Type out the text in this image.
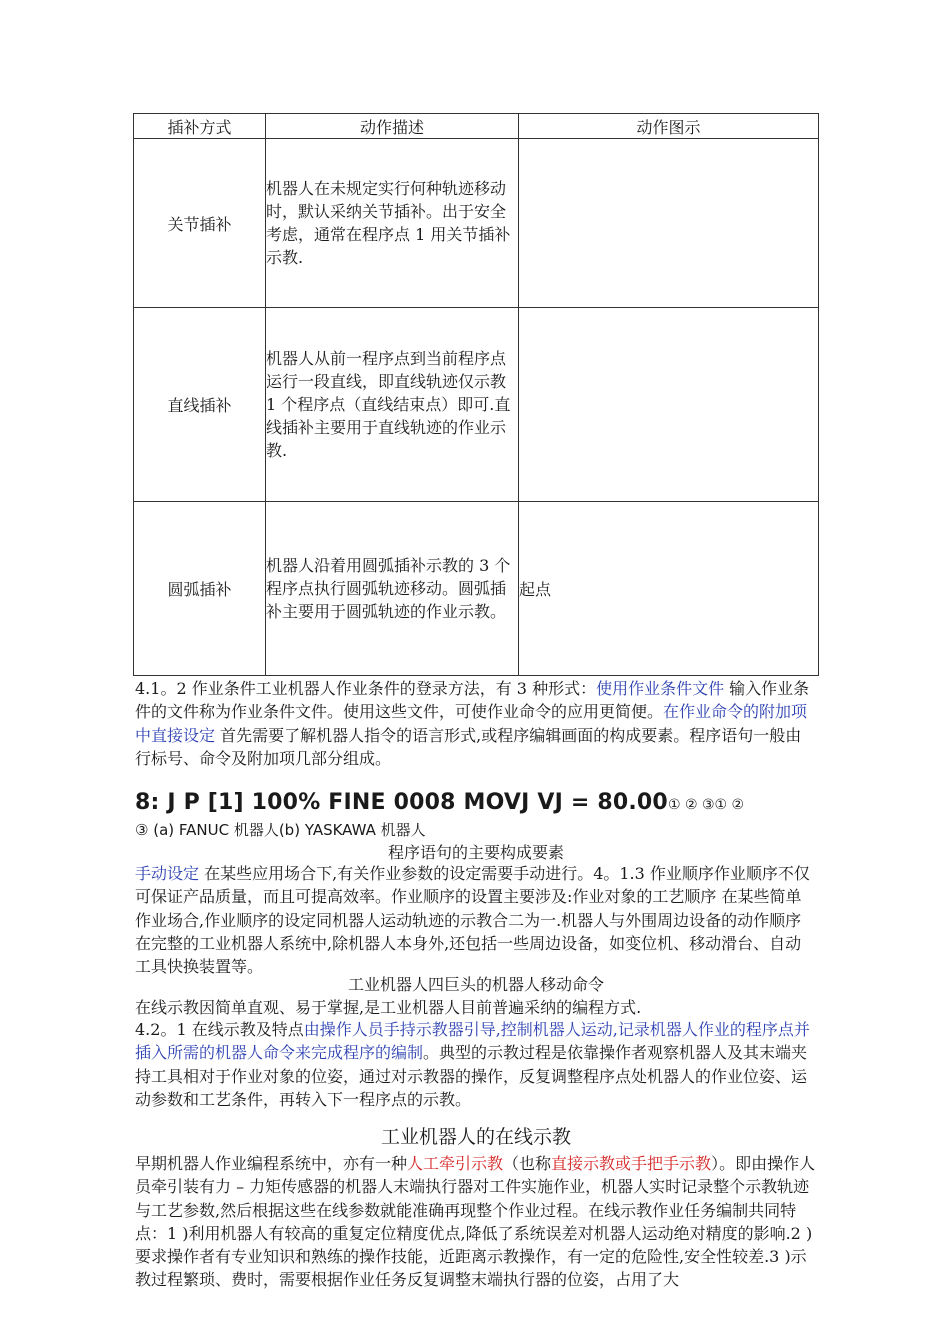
插补方式	动作描述	动作图示
关节插补	机器人在未规定实行何种轨迹移动时，默认采纳关节插补。出于安全考虑，通常在程序点 1 用关节插补示教.	
直线插补	机器人从前一程序点到当前程序点运行一段直线，即直线轨迹仅示教 1 个程序点（直线结束点）即可.直线插补主要用于直线轨迹的作业示教.	
圆弧插补	机器人沿着用圆弧插补示教的 3 个程序点执行圆弧轨迹移动。圆弧插补主要用于圆弧轨迹的作业示教。	起点
4.1。2 作业条件工业机器人作业条件的登录方法，有 3 种形式：使用作业条件文件 输入作业条件的文件称为作业条件文件。使用这些文件，可使作业命令的应用更简便。在作业命令的附加项中直接设定 首先需要了解机器人指令的语言形式,或程序编辑画面的构成要素。程序语句一般由行标号、命令及附加项几部分组成。
8: J P [1] 100% FINE 0008 MOVJ VJ = 80.00① ② ③① ②
③ (a) FANUC 机器人(b) YASKAWA 机器人
程序语句的主要构成要素
手动设定 在某些应用场合下,有关作业参数的设定需要手动进行。4。1.3 作业顺序作业顺序不仅可保证产品质量，而且可提高效率。作业顺序的设置主要涉及:作业对象的工艺顺序 在某些简单作业场合,作业顺序的设定同机器人运动轨迹的示教合二为一.机器人与外围周边设备的动作顺序 在完整的工业机器人系统中,除机器人本身外,还包括一些周边设备，如变位机、移动滑台、自动工具快换装置等。
工业机器人四巨头的机器人移动命令
在线示教因简单直观、易于掌握,是工业机器人目前普遍采纳的编程方式.
4.2。1 在线示教及特点由操作人员手持示教器引导,控制机器人运动,记录机器人作业的程序点并插入所需的机器人命令来完成程序的编制。典型的示教过程是依靠操作者观察机器人及其末端夹持工具相对于作业对象的位姿，通过对示教器的操作，反复调整程序点处机器人的作业位姿、运动参数和工艺条件，再转入下一程序点的示教。
工业机器人的在线示教
早期机器人作业编程系统中，亦有一种人工牵引示教（也称直接示教或手把手示教）。即由操作人员牵引装有力 – 力矩传感器的机器人末端执行器对工件实施作业，机器人实时记录整个示教轨迹与工艺参数,然后根据这些在线参数就能准确再现整个作业过程。在线示教作业任务编制共同特点：1 )利用机器人有较高的重复定位精度优点,降低了系统误差对机器人运动绝对精度的影响.2 )要求操作者有专业知识和熟练的操作技能，近距离示教操作，有一定的危险性,安全性较差.3 )示教过程繁琐、费时，需要根据作业任务反复调整末端执行器的位姿，占用了大
